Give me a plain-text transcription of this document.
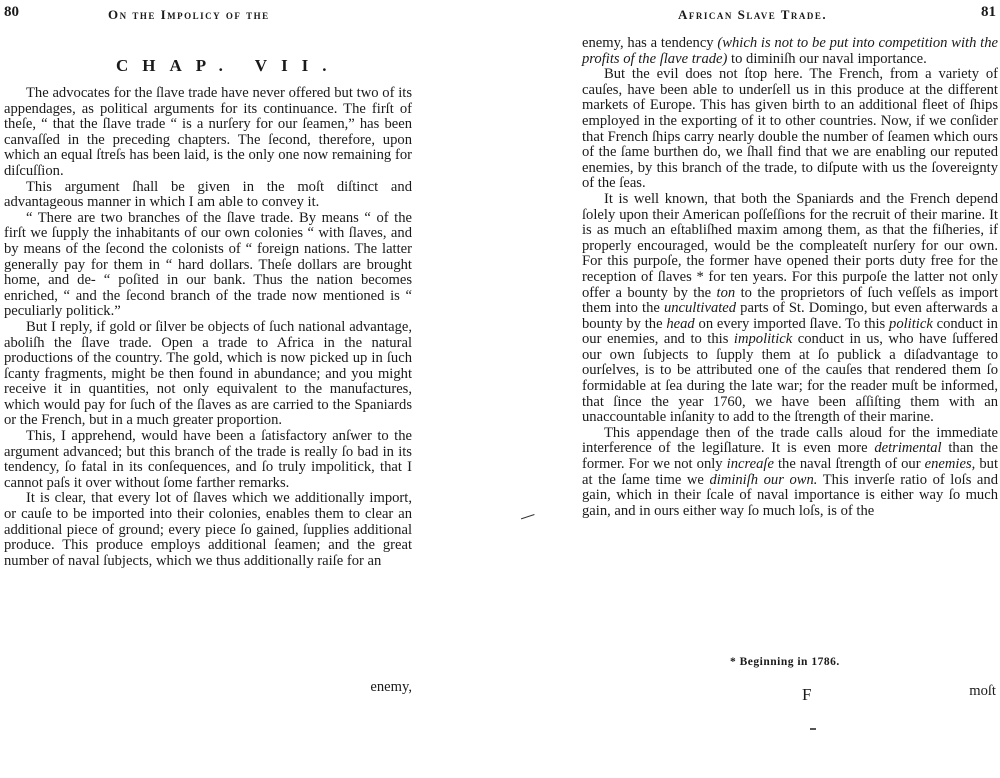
80	On the Impolicy of the
CHAP. VII.

The advocates for the ſlave trade have never offered but two of its appendages, as political arguments for its continuance. The firſt of theſe, “ that the ſlave trade “ is a nurſery for our ſeamen,” has been canvaſſed in the preceding chapters. The ſecond, therefore, upon which an equal ſtreſs has been laid, is the only one now remaining for diſcuſſion.

This argument ſhall be given in the moſt diſtinct and advantageous manner in which I am able to convey it.

“ There are two branches of the ſlave trade. By means “ of the firſt we ſupply the inhabitants of our own colonies “ with ſlaves, and by means of the ſecond the colonists of “ foreign nations. The latter generally pay for them in “ hard dollars. Theſe dollars are brought home, and de- “ poſited in our bank. Thus the nation becomes enriched, “ and the ſecond branch of the trade now mentioned is “ peculiarly politick.”

But I reply, if gold or ſilver be objects of ſuch national advantage, aboliſh the ſlave trade. Open a trade to Africa in the natural productions of the country. The gold, which is now picked up in ſuch ſcanty fragments, might be then found in abundance; and you might receive it in quantities, not only equivalent to the manufactures, which would pay for ſuch of the ſlaves as are carried to the Spaniards or the French, but in a much greater proportion.

This, I apprehend, would have been a ſatisfactory anſwer to the argument advanced; but this branch of the trade is really ſo bad in its tendency, ſo fatal in its conſequences, and ſo truly impolitick, that I cannot paſs it over without ſome farther remarks.

It is clear, that every lot of ſlaves which we additionally import, or cauſe to be imported into their colonies, enables them to clear an additional piece of ground; every piece ſo gained, ſupplies additional produce. This produce employs additional ſeamen; and the great number of naval ſubjects, which we thus additionally raiſe for an

enemy,
African Slave Trade.	81

enemy, has a tendency (which is not to be put into competition with the profits of the ſlave trade) to diminiſh our naval importance.

But the evil does not ſtop here. The French, from a variety of cauſes, have been able to underſell us in this produce at the different markets of Europe. This has given birth to an additional fleet of ſhips employed in the exporting of it to other countries. Now, if we conſider that French ſhips carry nearly double the number of ſeamen which ours of the ſame burthen do, we ſhall find that we are enabling our reputed enemies, by this branch of the trade, to diſpute with us the ſovereignty of the ſeas.

It is well known, that both the Spaniards and the French depend ſolely upon their American poſſeſſions for the recruit of their marine. It is as much an eſtabliſhed maxim among them, as that the fiſheries, if properly encouraged, would be the compleateſt nurſery for our own. For this purpoſe, the former have opened their ports duty free for the reception of ſlaves * for ten years. For this purpoſe the latter not only offer a bounty by the ton to the proprietors of ſuch veſſels as import them into the uncultivated parts of St. Domingo, but even afterwards a bounty by the head on every imported ſlave. To this politick conduct in our enemies, and to this impolitick conduct in us, who have ſuffered our own ſubjects to ſupply them at ſo publick a diſadvantage to ourſelves, is to be attributed one of the cauſes that rendered them ſo formidable at ſea during the late war; for the reader muſt be informed, that ſince the year 1760, we have been aſſiſting them with an unaccountable inſanity to add to the ſtrength of their marine.

This appendage then of the trade calls aloud for the immediate interference of the legiſlature. It is even more detrimental than the former. For we not only increaſe the naval ſtrength of our enemies, but at the ſame time we diminiſh our own. This inverſe ratio of loſs and gain, which in their ſcale of naval importance is either way ſo much gain, and in ours either way ſo much loſs, is of the

* Beginning in 1786.
F	moſt
